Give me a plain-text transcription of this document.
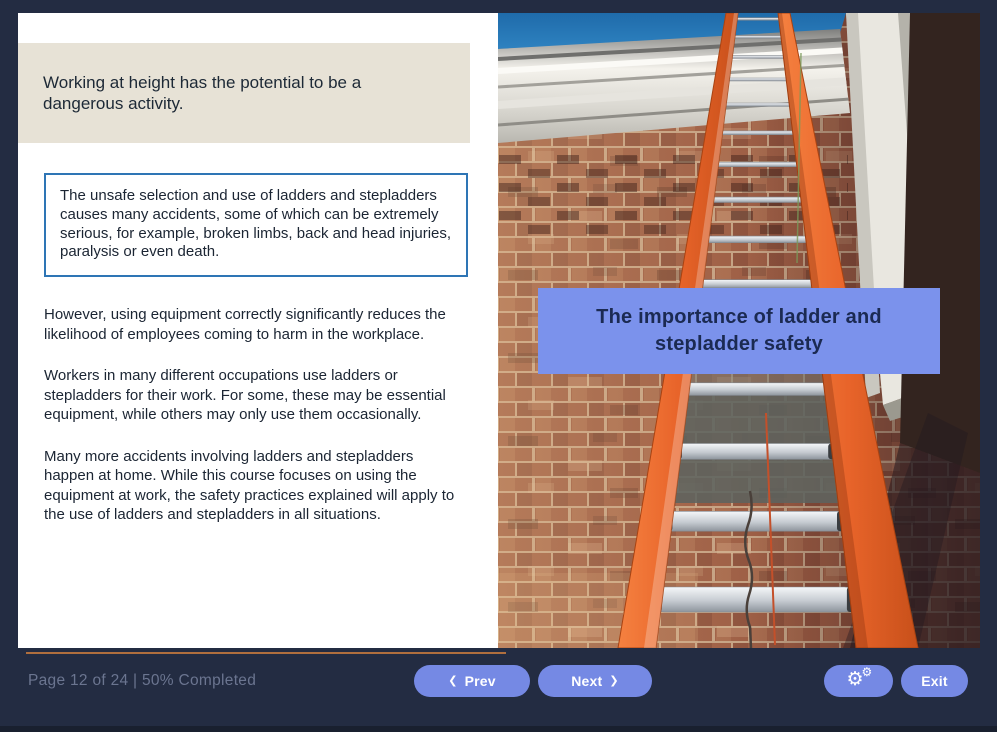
Working at height has the potential to be a dangerous activity.

The unsafe selection and use of ladders and stepladders causes many accidents, some of which can be extremely serious, for example, broken limbs, back and head injuries, paralysis or even death.

However, using equipment correctly significantly reduces the likelihood of employees coming to harm in the workplace.

Workers in many different occupations use ladders or stepladders for their work. For some, these may be essential equipment, while others may only use them occasionally.

Many more accidents involving ladders and stepladders happen at home. While this course focuses on using the equipment at work, the safety practices explained will apply to the use of ladders and stepladders in all situations.

The importance of ladder and stepladder safety
Page 12 of 24 | 50% Completed	❮ Prev	Next ❯	⚙
⚙
Exit
